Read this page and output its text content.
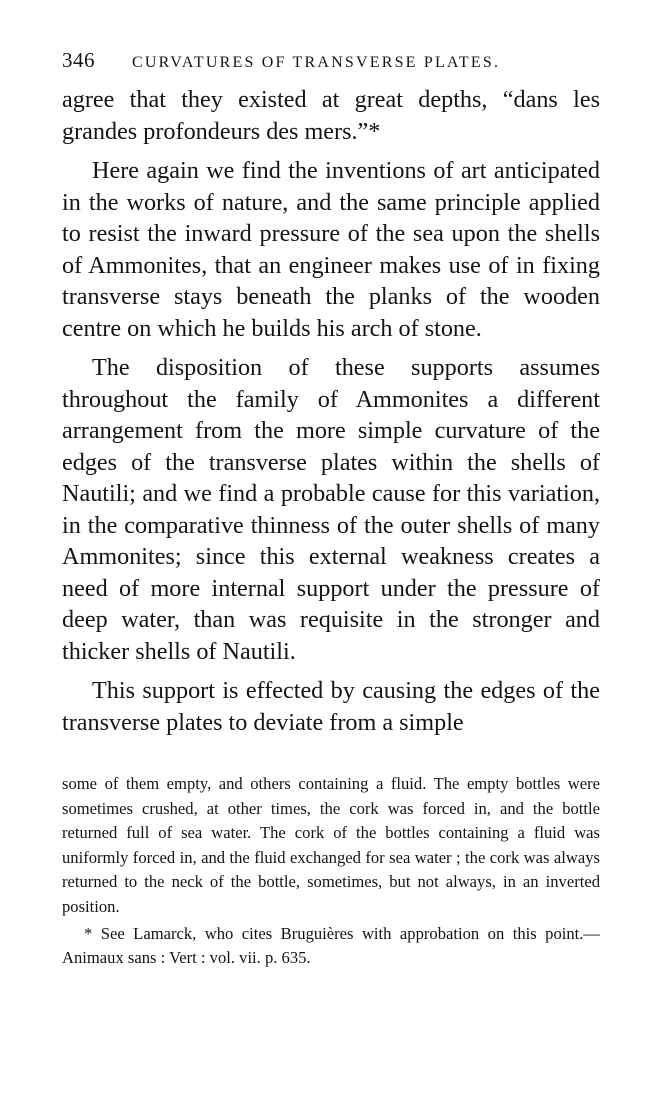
346	CURVATURES OF TRANSVERSE PLATES.

agree that they existed at great depths, “dans les grandes profondeurs des mers.”*

Here again we find the inventions of art anticipated in the works of nature, and the same principle applied to resist the inward pressure of the sea upon the shells of Ammonites, that an engineer makes use of in fixing transverse stays beneath the planks of the wooden centre on which he builds his arch of stone.

The disposition of these supports assumes throughout the family of Ammonites a different arrangement from the more simple curvature of the edges of the transverse plates within the shells of Nautili; and we find a probable cause for this variation, in the comparative thinness of the outer shells of many Ammonites; since this external weakness creates a need of more internal support under the pressure of deep water, than was requisite in the stronger and thicker shells of Nautili.

This support is effected by causing the edges of the transverse plates to deviate from a simple

some of them empty, and others containing a fluid. The empty bottles were sometimes crushed, at other times, the cork was forced in, and the bottle returned full of sea water. The cork of the bottles containing a fluid was uniformly forced in, and the fluid exchanged for sea water ; the cork was always returned to the neck of the bottle, sometimes, but not always, in an inverted position.

* See Lamarck, who cites Bruguières with approbation on this point.—Animaux sans : Vert : vol. vii. p. 635.
